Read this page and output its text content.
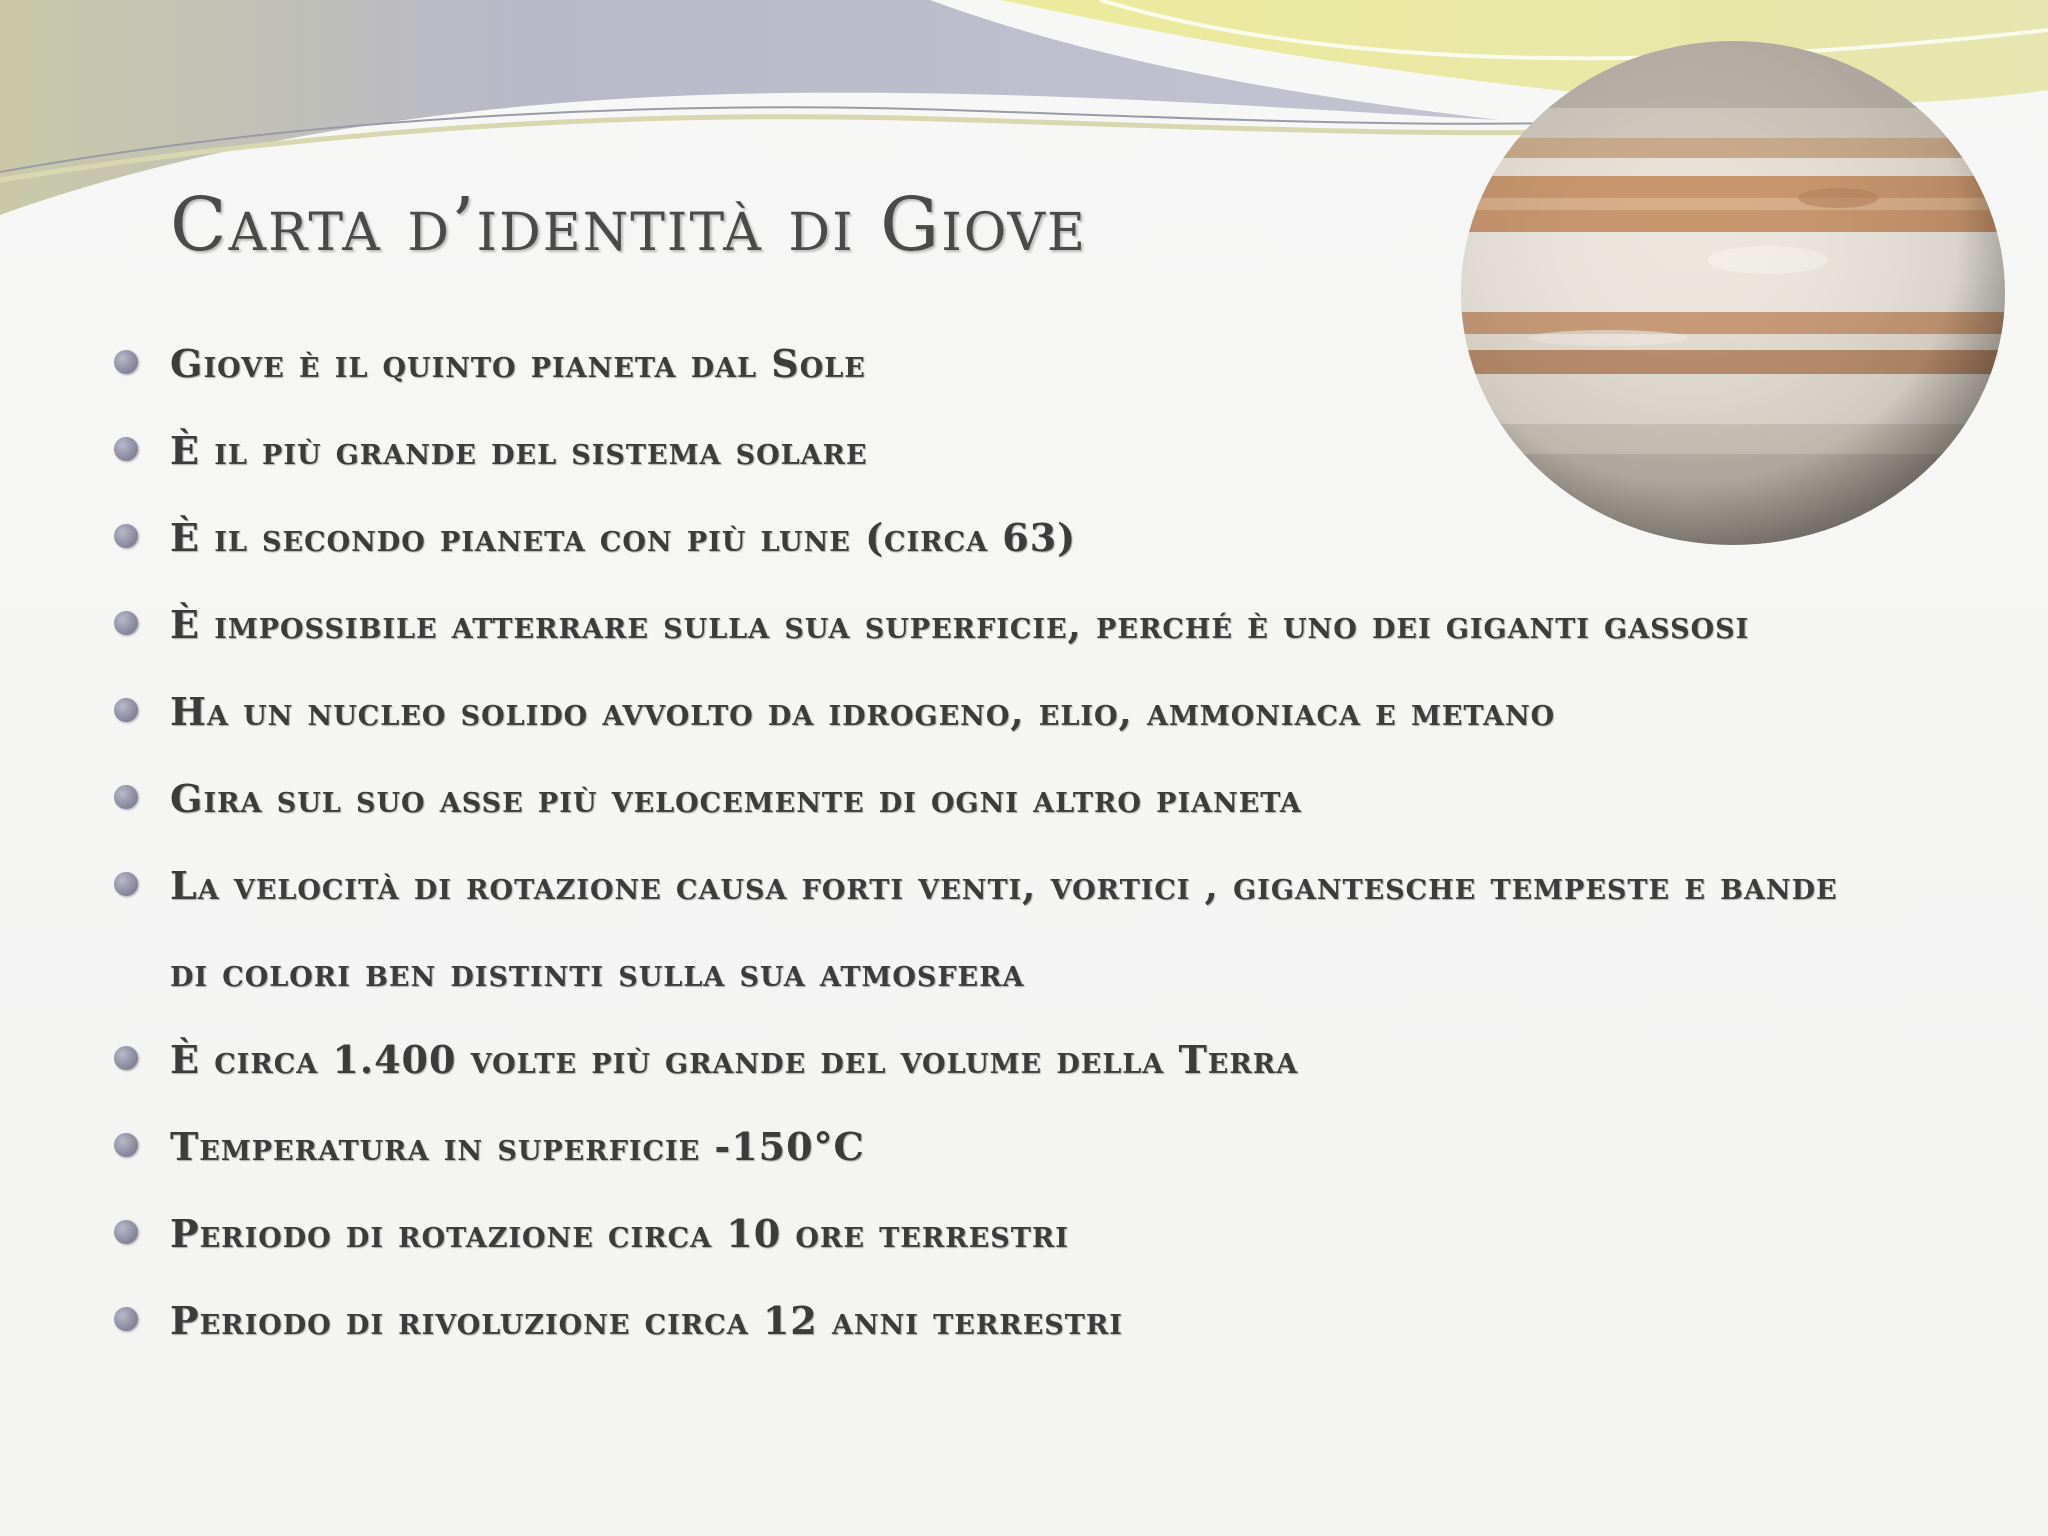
Carta d’identità di Giove
Giove è il quinto pianeta dal Sole
È il più grande del sistema solare
È il secondo pianeta con più lune (circa 63)
È impossibile atterrare sulla sua superficie, perché è uno dei giganti gassosi
Ha un nucleo solido avvolto da idrogeno, elio, ammoniaca e metano
Gira sul suo asse più velocemente di ogni altro pianeta
La velocità di rotazione causa forti venti, vortici , gigantesche tempeste e bande di colori ben distinti sulla sua atmosfera
È circa 1.400 volte più grande del volume della Terra
Temperatura in superficie -150°C
Periodo di rotazione circa 10 ore terrestri
Periodo di rivoluzione circa 12 anni terrestri
